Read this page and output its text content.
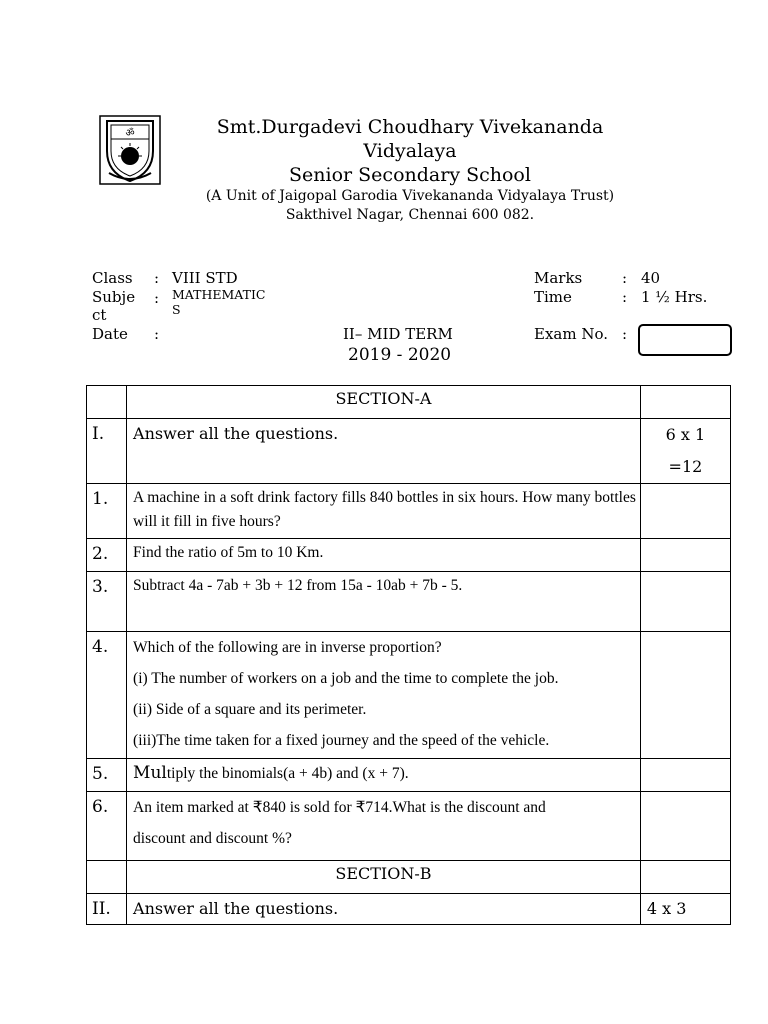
ॐ	Smt.Durgadevi Choudhary Vivekananda
Vidyalaya
Senior Secondary School
(A Unit of Jaigopal Garodia Vivekananda Vidyalaya Trust)
Sakthivel Nagar, Chennai 600 082.
Class : VIII STD
Subje
ct
: MATHEMATIC
S
Date :	II– MID TERM
2019 - 2020
Marks	: 40
Time	: 1 ½ Hrs.
Exam No. :
	SECTION-A	
I.	Answer all the questions.	6 x 1
=12

1.	A machine in a soft drink factory fills 840 bottles in six hours. How many bottles will it fill in five hours?	
2.	Find the ratio of 5m to 10 Km.	
3.	Subtract 4a - 7ab + 3b + 12 from 15a - 10ab + 7b - 5.	
4.	Which of the following are in inverse proportion?
(i) The number of workers on a job and the time to complete the job.
(ii) Side of a square and its perimeter.
(iii)The time taken for a fixed journey and the speed of the vehicle.	

5.	Multiply the binomials(a + 4b) and (x + 7).	
6.	An item marked at ₹840 is sold for ₹714.What is the discount and
discount and discount %?	

	SECTION-B	
II.	Answer all the questions.	4 x 3
